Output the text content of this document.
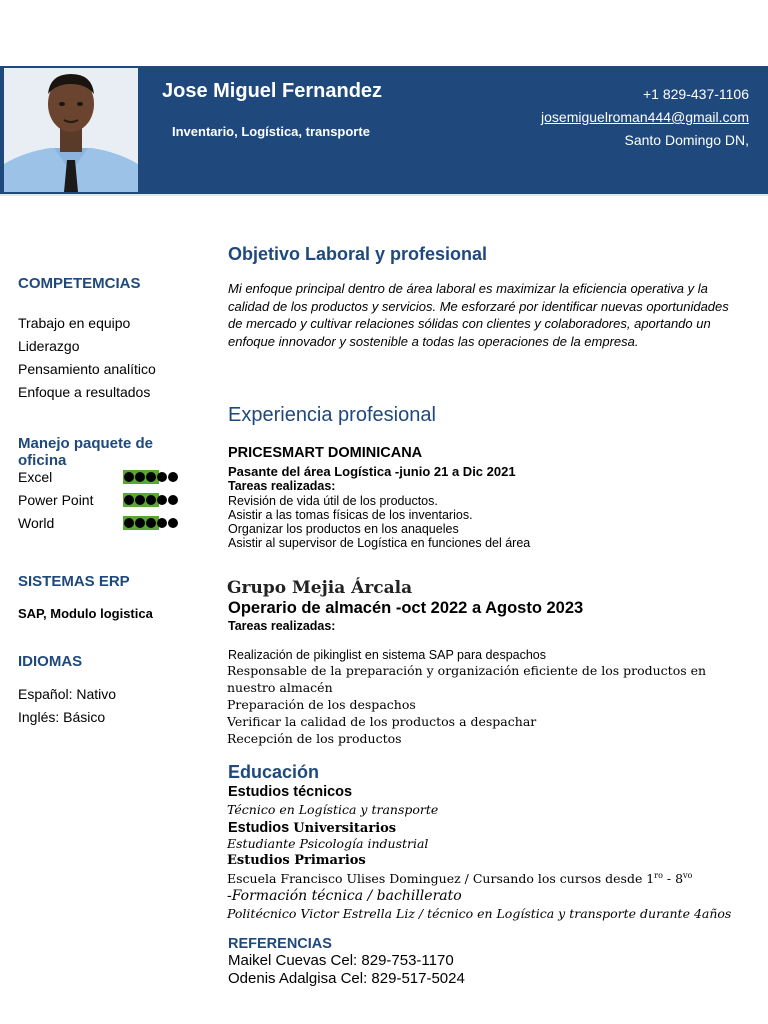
Jose Miguel Fernandez
Inventario, Logística, transporte
+1 829-437-1106
josemiguelroman444@gmail.com
Santo Domingo DN,
COMPETEMCIAS
Trabajo en equipo
Liderazgo
Pensamiento analítico
Enfoque a resultados
Manejo paquete de oficina
Excel
Power Point
World
SISTEMAS ERP
SAP, Modulo logistica
IDIOMAS
Español: Nativo
Inglés: Básico
Objetivo Laboral y profesional
Mi enfoque principal dentro de área laboral es maximizar la eficiencia operativa y la calidad de los productos y servicios. Me esforzaré por identificar nuevas oportunidades de mercado y cultivar relaciones sólidas con clientes y colaboradores, aportando un enfoque innovador y sostenible a todas las operaciones de la empresa.
Experiencia profesional
PRICESMART DOMINICANA
Pasante del área Logística -junio 21 a Dic 2021
Tareas realizadas:
Revisión de vida útil de los productos.
Asistir a las tomas físicas de los inventarios.
Organizar los productos en los anaqueles
Asistir al supervisor de Logística en funciones del área
Grupo Mejia Árcala
Operario de almacén -oct 2022 a Agosto 2023
Tareas realizadas:
Realización de pikinglist en sistema SAP para despachos
Responsable de la preparación y organización eficiente de los productos en
nuestro almacén
Preparación de los despachos
Verificar la calidad de los productos a despachar
Recepción de los productos
Educación
Estudios técnicos
Técnico en Logística y transporte
Estudios Universitarios
Estudiante Psicología industrial
Estudios Primarios
Escuela Francisco Ulises Dominguez / Cursando los cursos desde $1^{ro} - 8^{vo}$
-Formación técnica / bachillerato
Politécnico Victor Estrella Liz / técnico en Logística y transporte durante 4años
REFERENCIAS
Maikel Cuevas Cel: 829-753-1170
Odenis Adalgisa Cel: 829-517-5024
